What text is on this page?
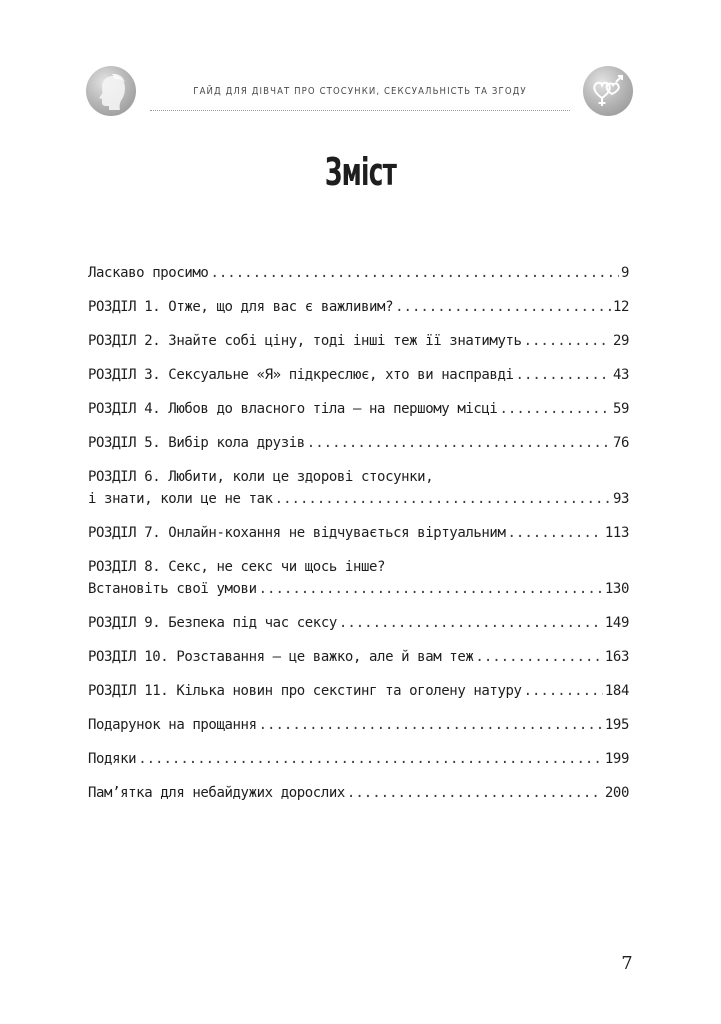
ГАЙД ДЛЯ ДІВЧАТ ПРО СТОСУНКИ, СЕКСУАЛЬНІСТЬ ТА ЗГОДУ
Зміст
Ласкаво просимо .....	9
РОЗДІЛ 1. Отже, що для вас є важливим? .....	12
РОЗДІЛ 2. Знайте собі ціну, тоді інші теж її знатимуть .....	29
РОЗДІЛ 3. Сексуальне «Я» підкреслює, хто ви насправді .....	43
РОЗДІЛ 4. Любов до власного тіла — на першому місці .....	59
РОЗДІЛ 5. Вибір кола друзів .....	76
РОЗДІЛ 6. Любити, коли це здорові стосунки,
і знати, коли це не так .....	93
РОЗДІЛ 7. Онлайн-кохання не відчувається віртуальним .....	113
РОЗДІЛ 8. Секс, не секс чи щось інше?
Встановіть свої умови .....	130
РОЗДІЛ 9. Безпека під час сексу .....	149
РОЗДІЛ 10. Розставання — це важко, але й вам теж .....	163
РОЗДІЛ 11. Кілька новин про секстинг та оголену натуру .....	184
Подарунок на прощання .....	195
Подяки .....	199
Пам’ятка для небайдужих дорослих .....	200
7
